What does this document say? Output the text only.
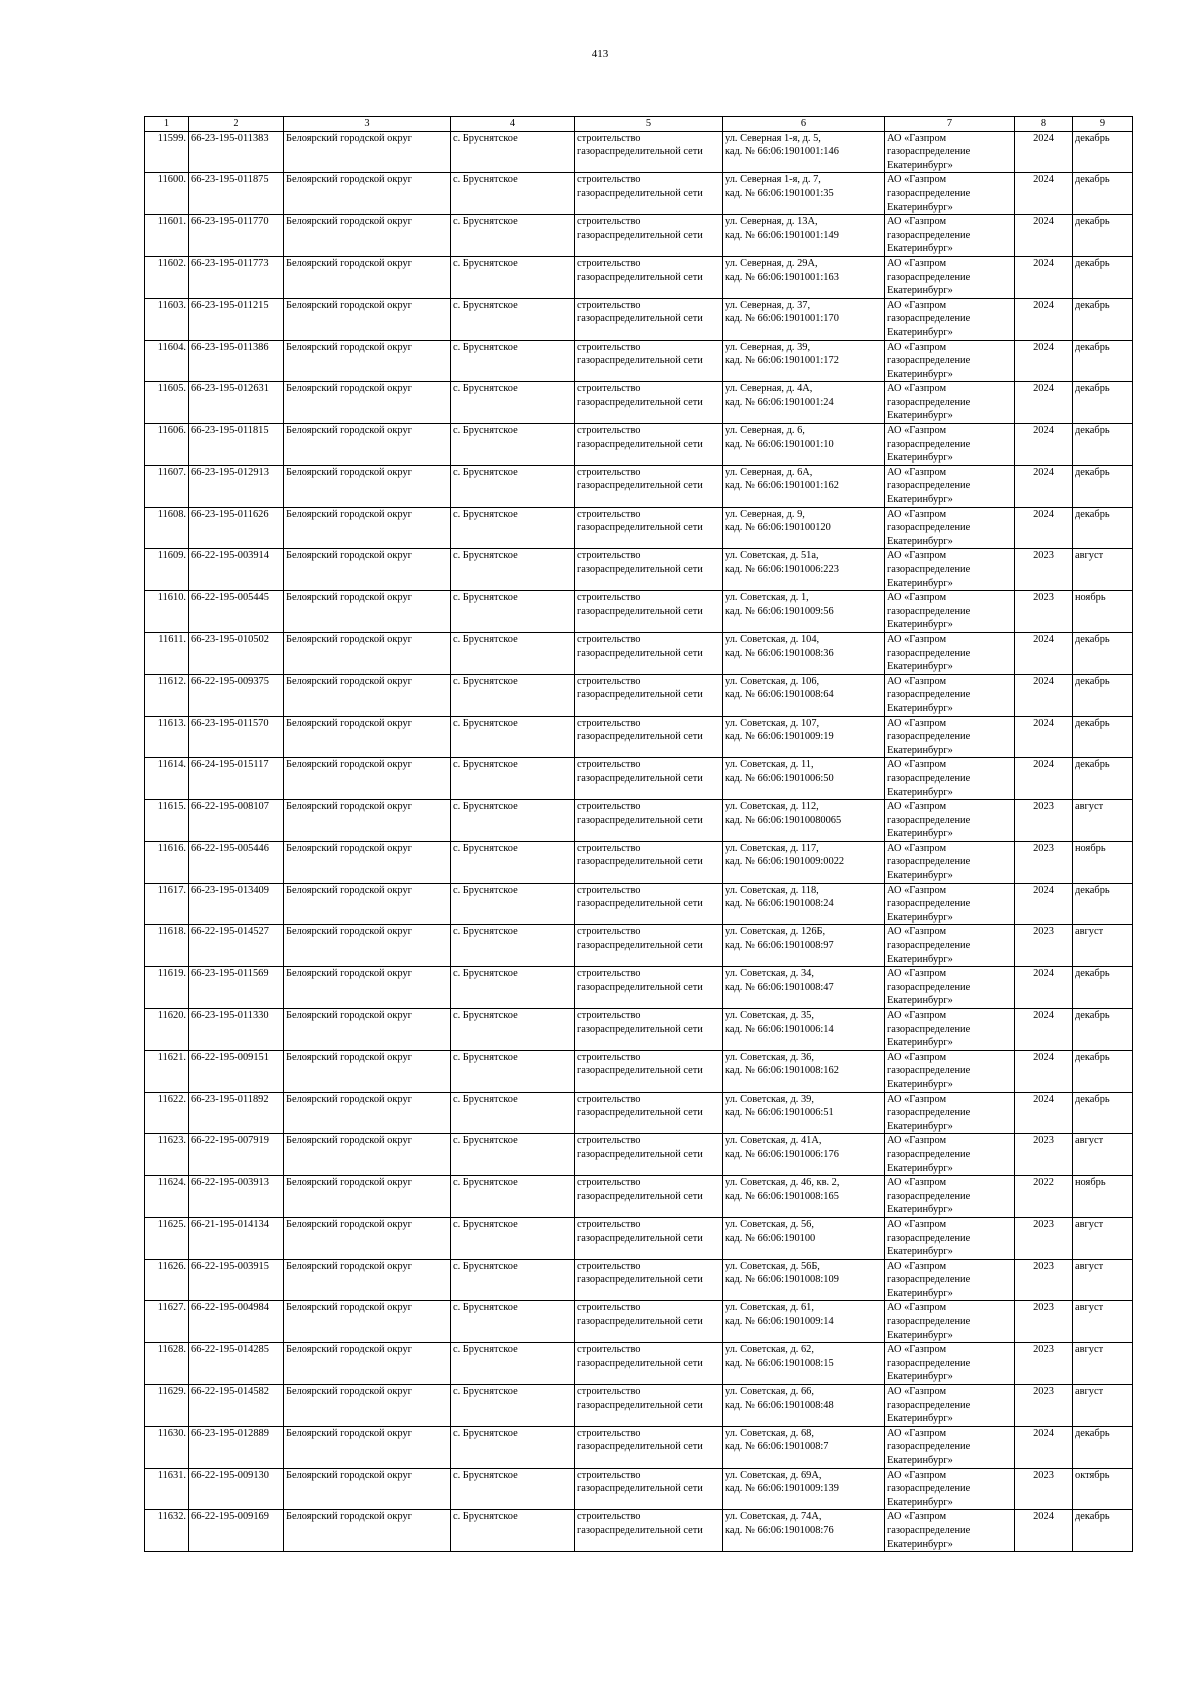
413
1	2	3	4	5	6	7	8	9

11599.	66-23-195-011383	Белоярский городской округ	с. Бруснятское	строительство
газораспределительной сети	ул. Северная 1-я, д. 5,
кад. № 66:06:1901001:146	АО «Газпром
газораспределение
Екатеринбург»	2024	декабрь

11600.	66-23-195-011875	Белоярский городской округ	с. Бруснятское	строительство
газораспределительной сети	ул. Северная 1-я, д. 7,
кад. № 66:06:1901001:35	АО «Газпром
газораспределение
Екатеринбург»	2024	декабрь

11601.	66-23-195-011770	Белоярский городской округ	с. Бруснятское	строительство
газораспределительной сети	ул. Северная, д. 13А,
кад. № 66:06:1901001:149	АО «Газпром
газораспределение
Екатеринбург»	2024	декабрь

11602.	66-23-195-011773	Белоярский городской округ	с. Бруснятское	строительство
газораспределительной сети	ул. Северная, д. 29А,
кад. № 66:06:1901001:163	АО «Газпром
газораспределение
Екатеринбург»	2024	декабрь

11603.	66-23-195-011215	Белоярский городской округ	с. Бруснятское	строительство
газораспределительной сети	ул. Северная, д. 37,
кад. № 66:06:1901001:170	АО «Газпром
газораспределение
Екатеринбург»	2024	декабрь

11604.	66-23-195-011386	Белоярский городской округ	с. Бруснятское	строительство
газораспределительной сети	ул. Северная, д. 39,
кад. № 66:06:1901001:172	АО «Газпром
газораспределение
Екатеринбург»	2024	декабрь

11605.	66-23-195-012631	Белоярский городской округ	с. Бруснятское	строительство
газораспределительной сети	ул. Северная, д. 4А,
кад. № 66:06:1901001:24	АО «Газпром
газораспределение
Екатеринбург»	2024	декабрь

11606.	66-23-195-011815	Белоярский городской округ	с. Бруснятское	строительство
газораспределительной сети	ул. Северная, д. 6,
кад. № 66:06:1901001:10	АО «Газпром
газораспределение
Екатеринбург»	2024	декабрь

11607.	66-23-195-012913	Белоярский городской округ	с. Бруснятское	строительство
газораспределительной сети	ул. Северная, д. 6А,
кад. № 66:06:1901001:162	АО «Газпром
газораспределение
Екатеринбург»	2024	декабрь

11608.	66-23-195-011626	Белоярский городской округ	с. Бруснятское	строительство
газораспределительной сети	ул. Северная, д. 9,
кад. № 66:06:190100120	АО «Газпром
газораспределение
Екатеринбург»	2024	декабрь

11609.	66-22-195-003914	Белоярский городской округ	с. Бруснятское	строительство
газораспределительной сети	ул. Советская, д. 51а,
кад. № 66:06:1901006:223	АО «Газпром
газораспределение
Екатеринбург»	2023	август

11610.	66-22-195-005445	Белоярский городской округ	с. Бруснятское	строительство
газораспределительной сети	ул. Советская, д. 1,
кад. № 66:06:1901009:56	АО «Газпром
газораспределение
Екатеринбург»	2023	ноябрь

11611.	66-23-195-010502	Белоярский городской округ	с. Бруснятское	строительство
газораспределительной сети	ул. Советская, д. 104,
кад. № 66:06:1901008:36	АО «Газпром
газораспределение
Екатеринбург»	2024	декабрь

11612.	66-22-195-009375	Белоярский городской округ	с. Бруснятское	строительство
газораспределительной сети	ул. Советская, д. 106,
кад. № 66:06:1901008:64	АО «Газпром
газораспределение
Екатеринбург»	2024	декабрь

11613.	66-23-195-011570	Белоярский городской округ	с. Бруснятское	строительство
газораспределительной сети	ул. Советская, д. 107,
кад. № 66:06:1901009:19	АО «Газпром
газораспределение
Екатеринбург»	2024	декабрь

11614.	66-24-195-015117	Белоярский городской округ	с. Бруснятское	строительство
газораспределительной сети	ул. Советская, д. 11,
кад. № 66:06:1901006:50	АО «Газпром
газораспределение
Екатеринбург»	2024	декабрь

11615.	66-22-195-008107	Белоярский городской округ	с. Бруснятское	строительство
газораспределительной сети	ул. Советская, д. 112,
кад. № 66:06:19010080065	АО «Газпром
газораспределение
Екатеринбург»	2023	август

11616.	66-22-195-005446	Белоярский городской округ	с. Бруснятское	строительство
газораспределительной сети	ул. Советская, д. 117,
кад. № 66:06:1901009:0022	АО «Газпром
газораспределение
Екатеринбург»	2023	ноябрь

11617.	66-23-195-013409	Белоярский городской округ	с. Бруснятское	строительство
газораспределительной сети	ул. Советская, д. 118,
кад. № 66:06:1901008:24	АО «Газпром
газораспределение
Екатеринбург»	2024	декабрь

11618.	66-22-195-014527	Белоярский городской округ	с. Бруснятское	строительство
газораспределительной сети	ул. Советская, д. 126Б,
кад. № 66:06:1901008:97	АО «Газпром
газораспределение
Екатеринбург»	2023	август

11619.	66-23-195-011569	Белоярский городской округ	с. Бруснятское	строительство
газораспределительной сети	ул. Советская, д. 34,
кад. № 66:06:1901008:47	АО «Газпром
газораспределение
Екатеринбург»	2024	декабрь

11620.	66-23-195-011330	Белоярский городской округ	с. Бруснятское	строительство
газораспределительной сети	ул. Советская, д. 35,
кад. № 66:06:1901006:14	АО «Газпром
газораспределение
Екатеринбург»	2024	декабрь

11621.	66-22-195-009151	Белоярский городской округ	с. Бруснятское	строительство
газораспределительной сети	ул. Советская, д. 36,
кад. № 66:06:1901008:162	АО «Газпром
газораспределение
Екатеринбург»	2024	декабрь

11622.	66-23-195-011892	Белоярский городской округ	с. Бруснятское	строительство
газораспределительной сети	ул. Советская, д. 39,
кад. № 66:06:1901006:51	АО «Газпром
газораспределение
Екатеринбург»	2024	декабрь

11623.	66-22-195-007919	Белоярский городской округ	с. Бруснятское	строительство
газораспределительной сети	ул. Советская, д. 41А,
кад. № 66:06:1901006:176	АО «Газпром
газораспределение
Екатеринбург»	2023	август

11624.	66-22-195-003913	Белоярский городской округ	с. Бруснятское	строительство
газораспределительной сети	ул. Советская, д. 46, кв. 2,
кад. № 66:06:1901008:165	АО «Газпром
газораспределение
Екатеринбург»	2022	ноябрь

11625.	66-21-195-014134	Белоярский городской округ	с. Бруснятское	строительство
газораспределительной сети	ул. Советская, д. 56,
кад. № 66:06:190100	АО «Газпром
газораспределение
Екатеринбург»	2023	август

11626.	66-22-195-003915	Белоярский городской округ	с. Бруснятское	строительство
газораспределительной сети	ул. Советская, д. 56Б,
кад. № 66:06:1901008:109	АО «Газпром
газораспределение
Екатеринбург»	2023	август

11627.	66-22-195-004984	Белоярский городской округ	с. Бруснятское	строительство
газораспределительной сети	ул. Советская, д. 61,
кад. № 66:06:1901009:14	АО «Газпром
газораспределение
Екатеринбург»	2023	август

11628.	66-22-195-014285	Белоярский городской округ	с. Бруснятское	строительство
газораспределительной сети	ул. Советская, д. 62,
кад. № 66:06:1901008:15	АО «Газпром
газораспределение
Екатеринбург»	2023	август

11629.	66-22-195-014582	Белоярский городской округ	с. Бруснятское	строительство
газораспределительной сети	ул. Советская, д. 66,
кад. № 66:06:1901008:48	АО «Газпром
газораспределение
Екатеринбург»	2023	август

11630.	66-23-195-012889	Белоярский городской округ	с. Бруснятское	строительство
газораспределительной сети	ул. Советская, д. 68,
кад. № 66:06:1901008:7	АО «Газпром
газораспределение
Екатеринбург»	2024	декабрь

11631.	66-22-195-009130	Белоярский городской округ	с. Бруснятское	строительство
газораспределительной сети	ул. Советская, д. 69А,
кад. № 66:06:1901009:139	АО «Газпром
газораспределение
Екатеринбург»	2023	октябрь

11632.	66-22-195-009169	Белоярский городской округ	с. Бруснятское	строительство
газораспределительной сети	ул. Советская, д. 74А,
кад. № 66:06:1901008:76	АО «Газпром
газораспределение
Екатеринбург»	2024	декабрь
